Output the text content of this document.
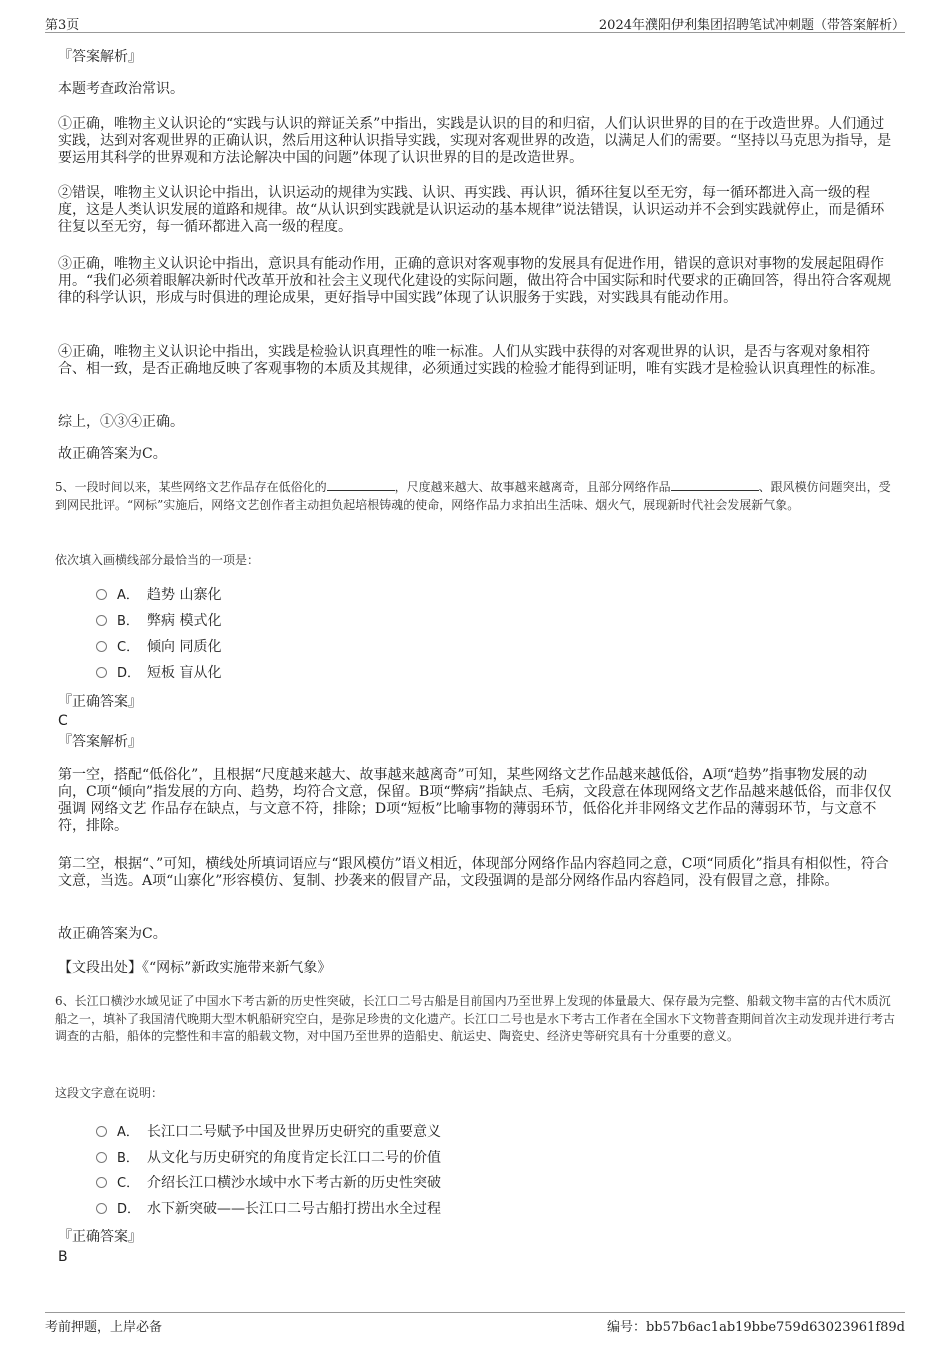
第3页	2024年濮阳伊利集团招聘笔试冲刺题（带答案解析）
『答案解析』
本题考查政治常识。
①正确，唯物主义认识论的“实践与认识的辩证关系”中指出，实践是认识的目的和归宿，人们认识世界的目的在于改造世界。人们通过实践，达到对客观世界的正确认识，然后用这种认识指导实践，实现对客观世界的改造，以满足人们的需要。“坚持以马克思为指导，是要运用其科学的世界观和方法论解决中国的问题”体现了认识世界的目的是改造世界。
②错误，唯物主义认识论中指出，认识运动的规律为实践、认识、再实践、再认识，循环往复以至无穷，每一循环都进入高一级的程度，这是人类认识发展的道路和规律。故“从认识到实践就是认识运动的基本规律”说法错误，认识运动并不会到实践就停止，而是循环往复以至无穷，每一循环都进入高一级的程度。
③正确，唯物主义认识论中指出，意识具有能动作用，正确的意识对客观事物的发展具有促进作用，错误的意识对事物的发展起阻碍作用。“我们必须着眼解决新时代改革开放和社会主义现代化建设的实际问题，做出符合中国实际和时代要求的正确回答，得出符合客观规律的科学认识，形成与时俱进的理论成果，更好指导中国实践”体现了认识服务于实践，对实践具有能动作用。
④正确，唯物主义认识论中指出，实践是检验认识真理性的唯一标准。人们从实践中获得的对客观世界的认识，是否与客观对象相符合、相一致，是否正确地反映了客观事物的本质及其规律，必须通过实践的检验才能得到证明，唯有实践才是检验认识真理性的标准。
综上，①③④正确。
故正确答案为C。
5、一段时间以来，某些网络文艺作品存在低俗化的	，尺度越来越大、故事越来越离奇，且部分网络作品	、跟风模仿问题突出，受到网民批评。“网标”实施后，网络文艺创作者主动担负起培根铸魂的使命，网络作品力求拍出生活味、烟火气，展现新时代社会发展新气象。
依次填入画横线部分最恰当的一项是：
A． 趋势 山寨化
B． 弊病 模式化
C． 倾向 同质化
D． 短板 盲从化
『正确答案』
C
『答案解析』
第一空，搭配“低俗化”，且根据“尺度越来越大、故事越来越离奇”可知，某些网络文艺作品越来越低俗，A项“趋势”指事物发展的动向，C项“倾向”指发展的方向、趋势，均符合文意，保留。B项“弊病”指缺点、毛病，文段意在体现网络文艺作品越来越低俗，而非仅仅强调 网络文艺 作品存在缺点，与文意不符，排除；D项“短板”比喻事物的薄弱环节，低俗化并非网络文艺作品的薄弱环节，与文意不符，排除。
第二空，根据“、”可知，横线处所填词语应与“跟风模仿”语义相近，体现部分网络作品内容趋同之意，C项“同质化”指具有相似性，符合文意，当选。A项“山寨化”形容模仿、复制、抄袭来的假冒产品，文段强调的是部分网络作品内容趋同，没有假冒之意，排除。
故正确答案为C。
【文段出处】《“网标”新政实施带来新气象》
6、长江口横沙水域见证了中国水下考古新的历史性突破，长江口二号古船是目前国内乃至世界上发现的体量最大、保存最为完整、船载文物丰富的古代木质沉船之一，填补了我国清代晚期大型木帆船研究空白，是弥足珍贵的文化遗产。长江口二号也是水下考古工作者在全国水下文物普查期间首次主动发现并进行考古调查的古船，船体的完整性和丰富的船载文物，对中国乃至世界的造船史、航运史、陶瓷史、经济史等研究具有十分重要的意义。
这段文字意在说明：
A． 长江口二号赋予中国及世界历史研究的重要意义
B． 从文化与历史研究的角度肯定长江口二号的价值
C． 介绍长江口横沙水域中水下考古新的历史性突破
D． 水下新突破——长江口二号古船打捞出水全过程
『正确答案』
B
考前押题，上岸必备	编号：bb57b6ac1ab19bbe759d63023961f89d
